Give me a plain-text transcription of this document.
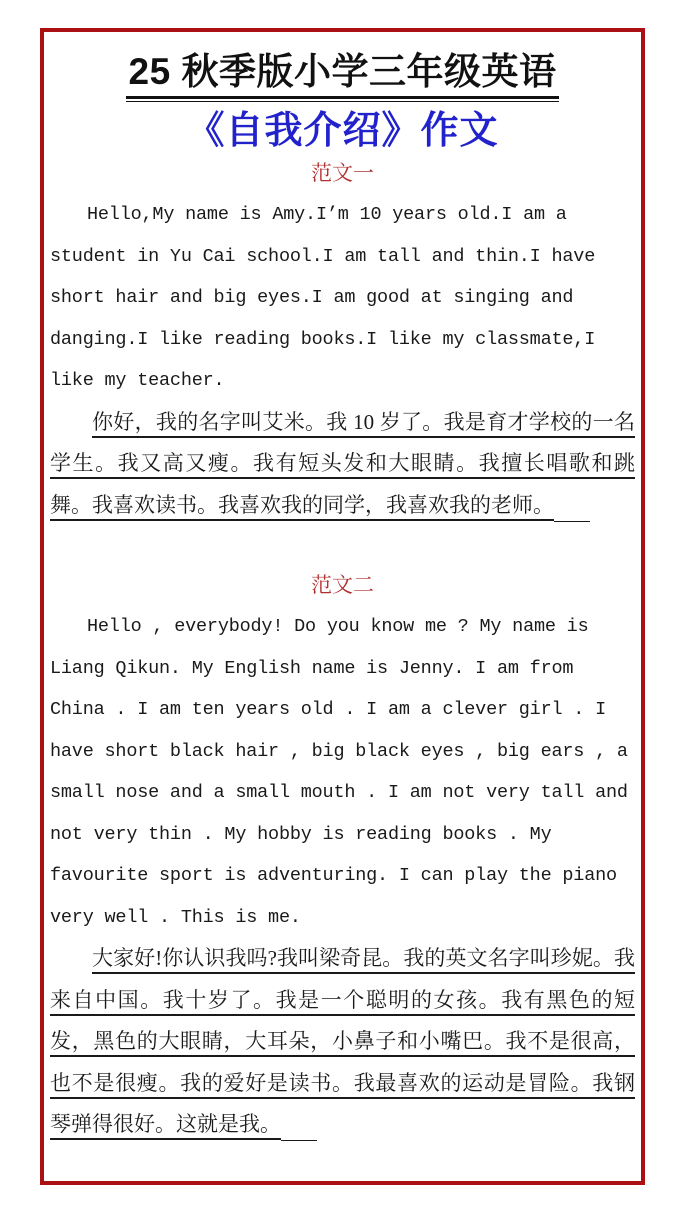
25 秋季版小学三年级英语
《自我介绍》作文
范文一

Hello,My name is Amy.I’m 10 years old.I am a student in Yu Cai school.I am tall and thin.I have short hair and big eyes.I am good at singing and danging.I like reading books.I like my classmate,I like my teacher.

你好，我的名字叫艾米。我 10 岁了。我是育才学校的一名学生。我又高又瘦。我有短头发和大眼睛。我擅长唱歌和跳舞。我喜欢读书。我喜欢我的同学，我喜欢我的老师。

范文二

Hello , everybody! Do you know me ? My name is Liang Qikun. My English name is Jenny. I am from China . I am ten years old . I am a clever girl . I have short black hair , big black eyes , big ears , a small nose and a small mouth . I am not very tall and not very thin . My hobby is reading books . My favourite sport is adventuring. I can play the piano very well . This is me.

大家好!你认识我吗?我叫梁奇昆。我的英文名字叫珍妮。我来自中国。我十岁了。我是一个聪明的女孩。我有黑色的短发，黑色的大眼睛，大耳朵，小鼻子和小嘴巴。我不是很高，也不是很瘦。我的爱好是读书。我最喜欢的运动是冒险。我钢琴弹得很好。这就是我。
